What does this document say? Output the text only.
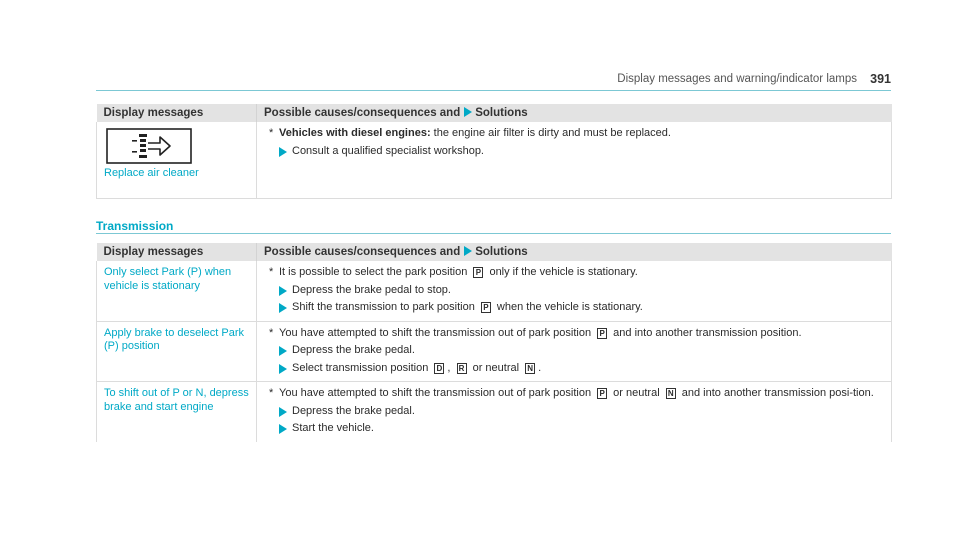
Display messages and warning/indicator lamps 391
Display messages	Possible causes/consequences and Solutions

Replace air cleaner	* Vehicles with diesel engines: the engine air filter is dirty and must be replaced.
Consult a qualified specialist workshop.
Transmission
Display messages	Possible causes/consequences and Solutions
Only select Park (P) when vehicle is stationary	* It is possible to select the park position P only if the vehicle is stationary.
Depress the brake pedal to stop.
Shift the transmission to park position P when the vehicle is stationary.

Apply brake to deselect Park (P) position	* You have attempted to shift the transmission out of park position P and into another transmission position.
Depress the brake pedal.
Select transmission position D , R or neutral N .

To shift out of P or N, depress brake and start engine	* You have attempted to shift the transmission out of park position P or neutral N and into another transmission posi-tion.
Depress the brake pedal.
Start the vehicle.
